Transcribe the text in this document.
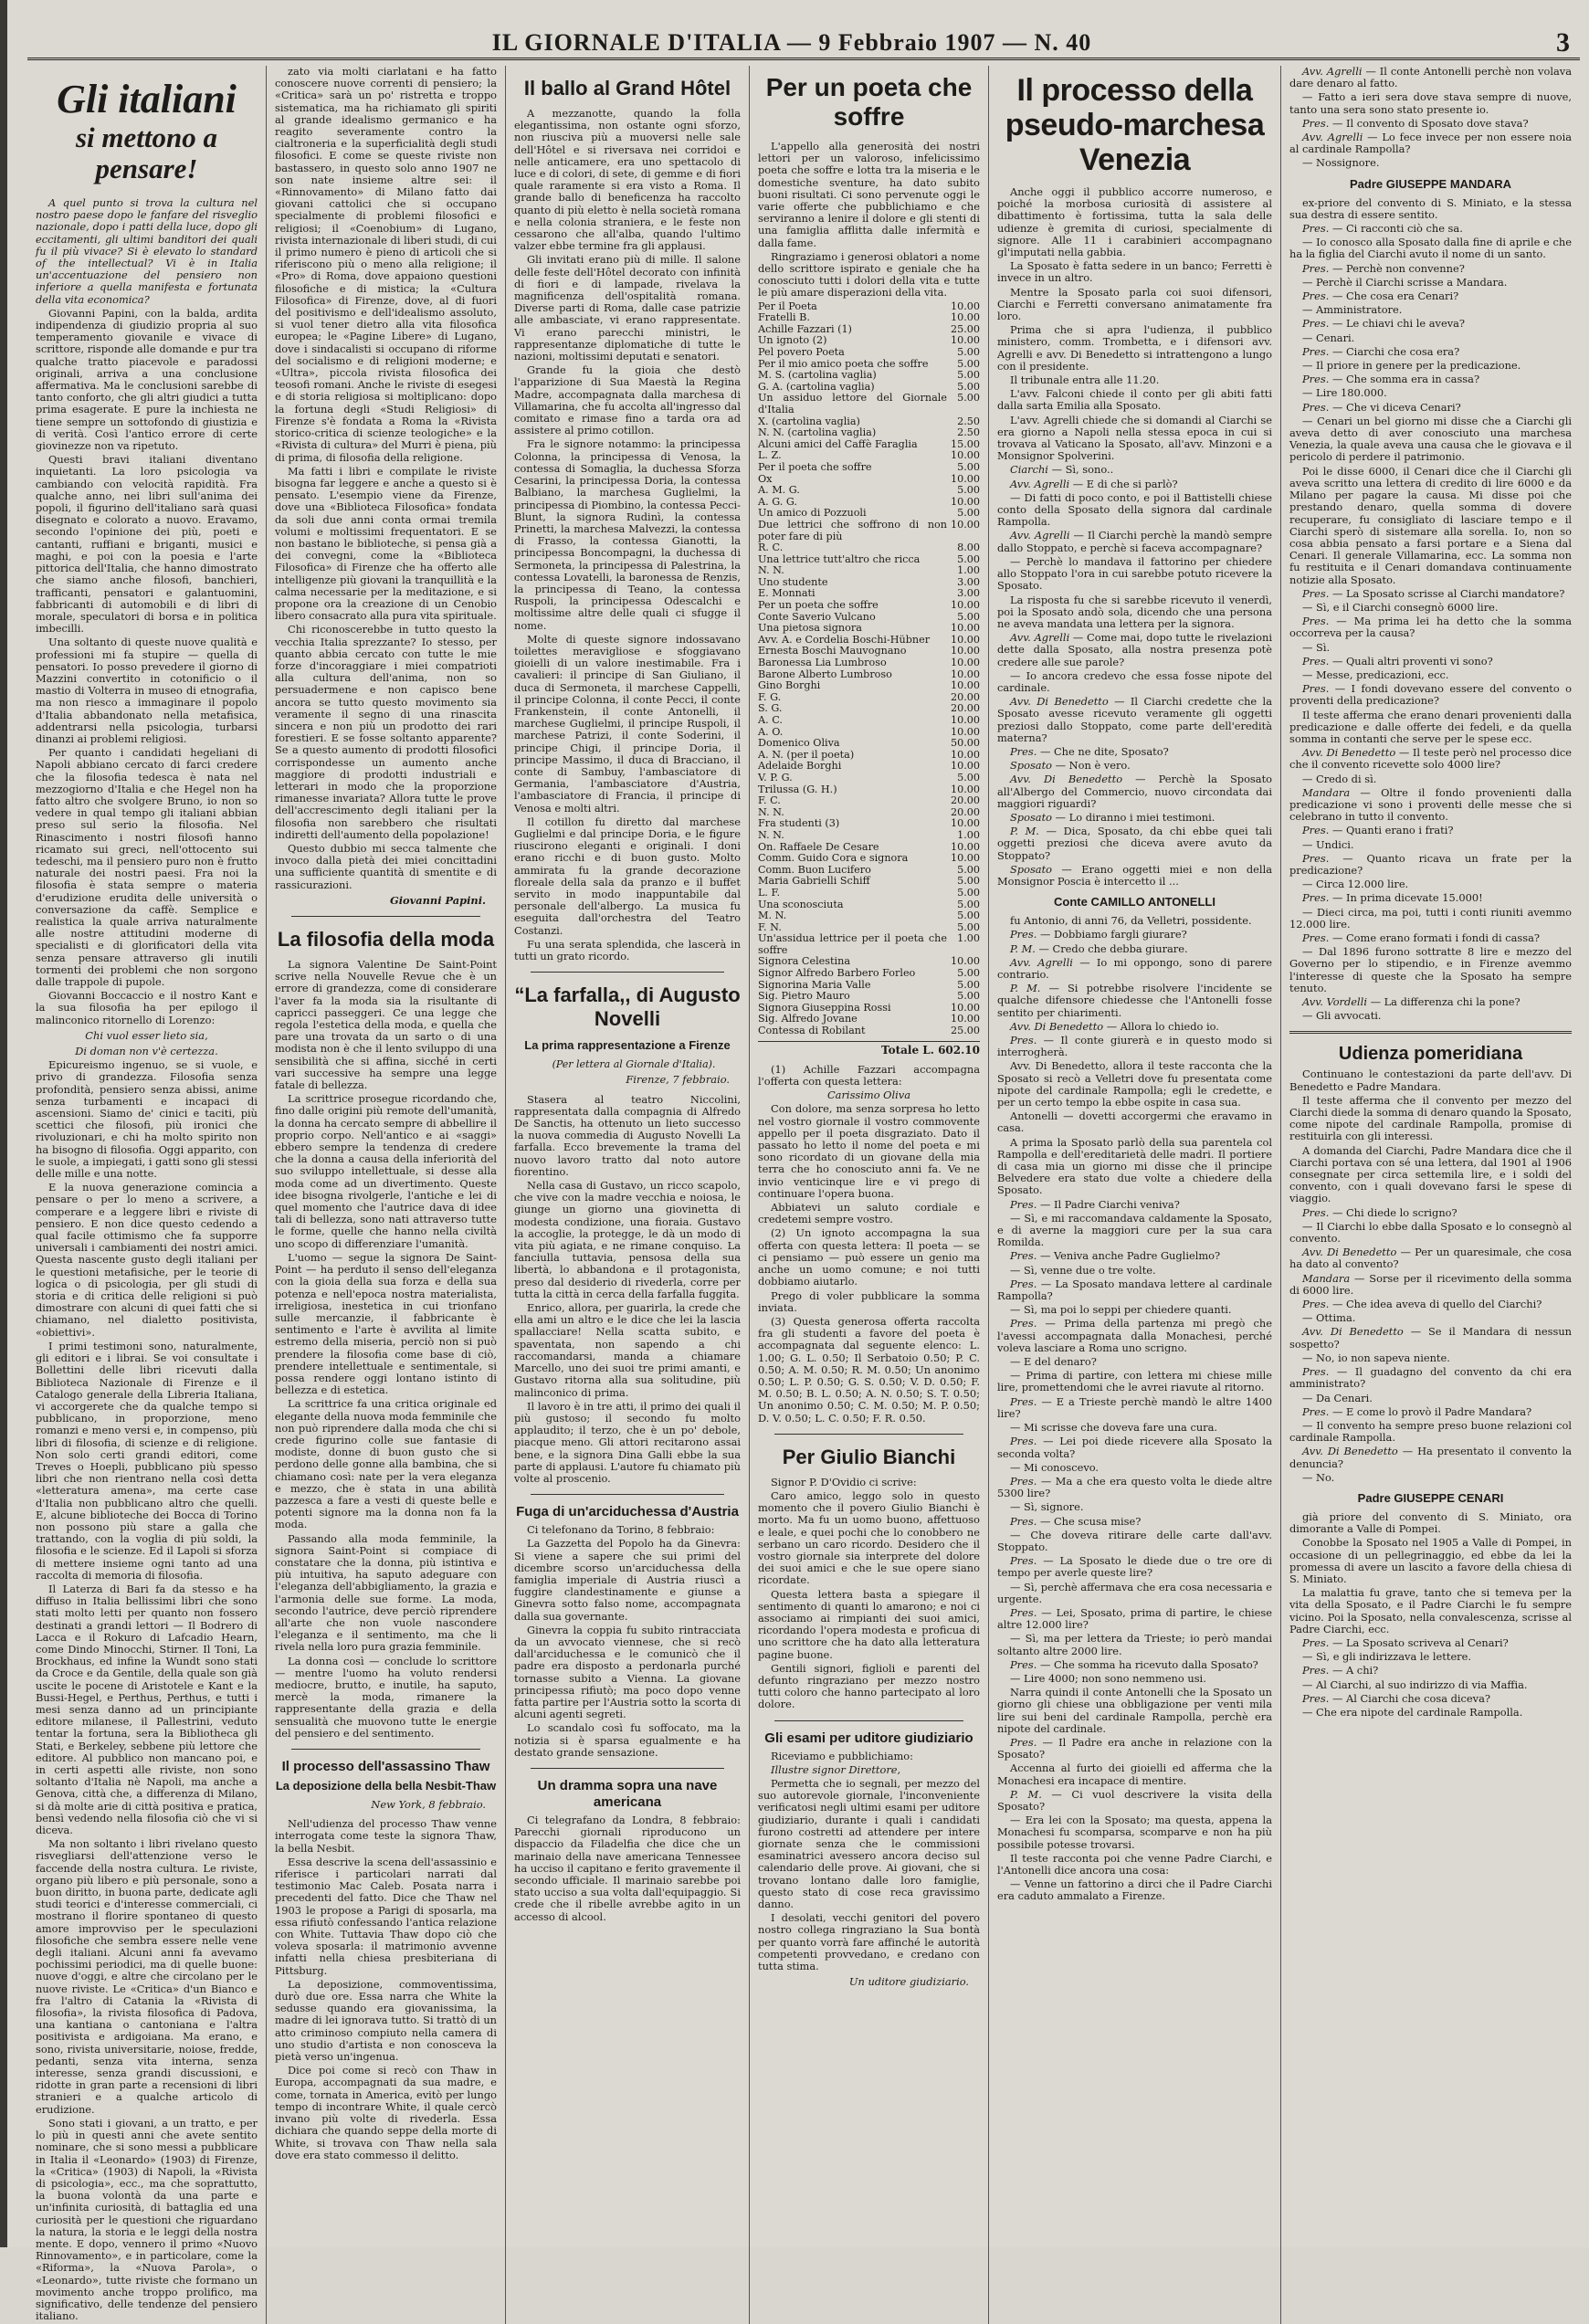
IL GIORNALE D'ITALIA — 9 Febbraio 1907 — N. 40	3
Gli italiani
si mettono a pensare!

A quel punto si trova la cultura nel nostro paese dopo le fanfare del risveglio nazionale, dopo i patti della luce, dopo gli eccitamenti, gli ultimi banditori dei quali fu il più vivace? Si è elevato lo standard of the intellectual? Vi è in Italia un'accentuazione del pensiero non inferiore a quella manifesta e fortunata della vita economica?

Giovanni Papini, con la balda, ardita indipendenza di giudizio propria al suo temperamento giovanile e vivace di scrittore, risponde alle domande e pur tra qualche tratto piacevole e paradossi originali, arriva a una conclusione affermativa. Ma le conclusioni sarebbe di tanto conforto, che gli altri giudici a tutta prima esagerate. E pure la inchiesta ne tiene sempre un sottofondo di giustizia e di verità. Così l'antico errore di certe giovinezze non va ripetuto.

Questi bravi italiani diventano inquietanti. La loro psicologia va cambiando con velocità rapidità. Fra qualche anno, nei libri sull'anima dei popoli, il figurino dell'italiano sarà quasi disegnato e colorato a nuovo. Eravamo, secondo l'opinione dei più, poeti e cantanti, ruffiani e briganti, musici e maghi, e poi con la poesia e l'arte pittorica dell'Italia, che hanno dimostrato che siamo anche filosofi, banchieri, trafficanti, pensatori e galantuomini, fabbricanti di automobili e di libri di morale, speculatori di borsa e in politica imbecilli.

Una soltanto di queste nuove qualità e professioni mi fa stupire — quella di pensatori. Io posso prevedere il giorno di Mazzini convertito in cotonificio o il mastio di Volterra in museo di etnografia, ma non riesco a immaginare il popolo d'Italia abbandonato nella metafisica, addentrarsi nella psicologia, turbarsi dinanzi ai problemi religiosi.

Per quanto i candidati hegeliani di Napoli abbiano cercato di farci credere che la filosofia tedesca è nata nel mezzogiorno d'Italia e che Hegel non ha fatto altro che svolgere Bruno, io non so vedere in qual tempo gli italiani abbian preso sul serio la filosofia. Nel Rinascimento i nostri filosofi hanno ricamato sui greci, nell'ottocento sui tedeschi, ma il pensiero puro non è frutto naturale dei nostri paesi. Fra noi la filosofia è stata sempre o materia d'erudizione erudita delle università o conversazione da caffè. Semplice e realistica la quale arriva naturalmente alle nostre attitudini moderne di specialisti e di glorificatori della vita senza pensare attraverso gli inutili tormenti dei problemi che non sorgono dalle trappole di pupole.

Giovanni Boccaccio e il nostro Kant e la sua filosofia ha per epilogo il malinconico ritornello di Lorenzo:

Chi vuol esser lieto sia,

Di doman non v'è certezza.

Epicureismo ingenuo, se si vuole, e privo di grandezza. Filosofia senza profondità, pensiero senza abissi, anime senza turbamenti e incapaci di ascensioni. Siamo de' cinici e taciti, più scettici che filosofi, più ironici che rivoluzionari, e chi ha molto spirito non ha bisogno di filosofia. Oggi apparito, con le suole, a impiegati, i gatti sono gli stessi delle mille e una notte.

E la nuova generazione comincia a pensare o per lo meno a scrivere, a comperare e a leggere libri e riviste di pensiero. E non dice questo cedendo a qual facile ottimismo che fa supporre universali i cambiamenti dei nostri amici. Questa nascente gusto degli italiani per le questioni metafisiche, per le teorie di logica o di psicologia, per gli studi di storia e di critica delle religioni si può dimostrare con alcuni di quei fatti che si chiamano, nel dialetto positivista, «obiettivi».

I primi testimoni sono, naturalmente, gli editori e i librai. Se voi consultate i Bollettini delle libri ricevuti dalla Biblioteca Nazionale di Firenze e il Catalogo generale della Libreria Italiana, vi accorgerete che da qualche tempo si pubblicano, in proporzione, meno romanzi e meno versi e, in compenso, più libri di filosofia, di scienze e di religione. Non solo certi grandi editori, come Treves o Hoepli, pubblicano più spesso libri che non rientrano nella così detta «letteratura amena», ma certe case d'Italia non pubblicano altro che quelli. E, alcune biblioteche dei Bocca di Torino non possono più stare a galla che trattando, con la voglia di più soldi, la filosofia e le scienze. Ed il Lapoli si sforza di mettere insieme ogni tanto ad una raccolta di memoria di filosofia.

Il Laterza di Bari fa da stesso e ha diffuso in Italia bellissimi libri che sono stati molto letti per quanto non fossero destinati a grandi lettori — Il Bodrero di Lacca e il Rokuro di Lafcadio Hearn, come Dindo Minocchi, Stirner. Il Toni, La Brockhaus, ed infine la Wundt sono stati da Croce e da Gentile, della quale son già uscite le pocene di Aristotele e Kant e la Bussi-Hegel, e Perthus, Perthus, e tutti i mesi senza danno ad un principiante editore milanese, il Pallestrini, veduto tentar la fortuna, sera la Bibliotheca gli Stati, e Berkeley, sebbene più lettore che editore. Al pubblico non mancano poi, e in certi aspetti alle riviste, non sono soltanto d'Italia nè Napoli, ma anche a Genova, città che, a differenza di Milano, si dà molte arie di città positiva e pratica, bensì vedendo nella filosofia ciò che vi si diceva.

Ma non soltanto i libri rivelano questo risvegliarsi dell'attenzione verso le faccende della nostra cultura. Le riviste, organo più libero e più personale, sono a buon diritto, in buona parte, dedicate agli studi teorici e d'interesse commerciali, ci mostrano il florire spontaneo di questo amore improvviso per le speculazioni filosofiche che sembra essere nelle vene degli italiani. Alcuni anni fa avevamo pochissimi periodici, ma di quelle buone: nuove d'oggi, e altre che circolano per le nuove riviste. Le «Critica» d'un Bianco e fra l'altro di Catania la «Rivista di filosofia», la rivista filosofica di Padova, una kantiana o cantoniana e l'altra positivista e ardigoiana. Ma erano, e sono, rivista universitarie, noiose, fredde, pedanti, senza vita interna, senza interesse, senza grandi discussioni, e ridotte in gran parte a recensioni di libri stranieri e a qualche articolo di erudizione.

Sono stati i giovani, a un tratto, e per lo più in questi anni che avete sentito nominare, che si sono messi a pubblicare in Italia il «Leonardo» (1903) di Firenze, la «Critica» (1903) di Napoli, la «Rivista di psicologia», ecc., ma che soprattutto, la buona volontà da una parte e un'infinita curiosità, di battaglia ed una curiosità per le questioni che riguardano la natura, la storia e le leggi della nostra mente. E dopo, vennero il primo «Nuovo Rinnovamento», e in particolare, come la «Riforma», la «Nuova Parola», o «Leonardo», tutte riviste che formano un movimento anche troppo prolifico, ma significativo, delle tendenze del pensiero italiano.

zato via molti ciarlatani e ha fatto conoscere nuove correnti di pensiero; la «Critica» sarà un po' ristretta e troppo sistematica, ma ha richiamato gli spiriti al grande idealismo germanico e ha reagito severamente contro la cialtroneria e la superficialità degli studi filosofici. E come se queste riviste non bastassero, in questo solo anno 1907 ne son nate insieme altre sei: il «Rinnovamento» di Milano fatto dai giovani cattolici che si occupano specialmente di problemi filosofici e religiosi; il «Coenobium» di Lugano, rivista internazionale di liberi studi, di cui il primo numero è pieno di articoli che si riferiscono più o meno alla religione; il «Pro» di Roma, dove appaiono questioni filosofiche e di mistica; la «Cultura Filosofica» di Firenze, dove, al di fuori del positivismo e dell'idealismo assoluto, si vuol tener dietro alla vita filosofica europea; le «Pagine Libere» di Lugano, dove i sindacalisti si occupano di riforme del socialismo e di religioni moderne; e «Ultra», piccola rivista filosofica dei teosofi romani. Anche le riviste di esegesi e di storia religiosa si moltiplicano: dopo la fortuna degli «Studi Religiosi» di Firenze s'è fondata a Roma la «Rivista storico-critica di scienze teologiche» e la «Rivista di cultura» del Murri è piena, più di prima, di filosofia della religione.

Ma fatti i libri e compilate le riviste bisogna far leggere e anche a questo si è pensato. L'esempio viene da Firenze, dove una «Biblioteca Filosofica» fondata da soli due anni conta ormai tremila volumi e moltissimi frequentatori. E se non bastano le biblioteche, si pensa già a dei convegni, come la «Biblioteca Filosofica» di Firenze che ha offerto alle intelligenze più giovani la tranquillità e la calma necessarie per la meditazione, e si propone ora la creazione di un Cenobio libero consacrato alla pura vita spirituale.

Chi riconoscerebbe in tutto questo la vecchia Italia sprezzante? Io stesso, per quanto abbia cercato con tutte le mie forze d'incoraggiare i miei compatrioti alla cultura dell'anima, non so persuadermene e non capisco bene ancora se tutto questo movimento sia veramente il segno di una rinascita sincera e non più un prodotto dei rari forestieri. E se fosse soltanto apparente? Se a questo aumento di prodotti filosofici corrispondesse un aumento anche maggiore di prodotti industriali e letterari in modo che la proporzione rimanesse invariata? Allora tutte le prove dell'accrescimento degli italiani per la filosofia non sarebbero che risultati indiretti dell'aumento della popolazione!

Questo dubbio mi secca talmente che invoco dalla pietà dei miei concittadini una sufficiente quantità di smentite e di rassicurazioni.

Giovanni Papini.

La filosofia della moda

La signora Valentine De Saint-Point scrive nella Nouvelle Revue che è un errore di grandezza, come di considerare l'aver fa la moda sia la risultante di capricci passeggeri. Ce una legge che regola l'estetica della moda, e quella che pare una trovata da un sarto o di una modista non è che il lento sviluppo di una sensibilità che si affina, sicché in certi vari successive ha sempre una legge fatale di bellezza.

La scrittrice prosegue ricordando che, fino dalle origini più remote dell'umanità, la donna ha cercato sempre di abbellire il proprio corpo. Nell'antico e ai «saggi» ebbero sempre la tendenza di credere che la donna a causa della inferiorità del suo sviluppo intellettuale, si desse alla moda come ad un divertimento. Queste idee bisogna rivolgerle, l'antiche e lei di quel momento che l'autrice dava di idee tali di bellezza, sono nati attraverso tutte le forme, quelle che hanno nella civiltà uno scopo di differenziare l'umanità.

L'uomo — segue la signora De Saint-Point — ha perduto il senso dell'eleganza con la gioia della sua forza e della sua potenza e nell'epoca nostra materialista, irreligiosa, inestetica in cui trionfano sulle mercanzie, il fabbricante è sentimento e l'arte è avvilita al limite estremo della miseria, perciò non si può prendere la filosofia come base di ciò, prendere intellettuale e sentimentale, si possa rendere oggi lontano istinto di bellezza e di estetica.

La scrittrice fa una critica originale ed elegante della nuova moda femminile che non può riprendere dalla moda che chi si crede figurino colle sue fantasie di modiste, donne di buon gusto che si perdono delle gonne alla bambina, che si chiamano così: nate per la vera eleganza e mezzo, che è stata in una abilità pazzesca a fare a vesti di queste belle e potenti signore ma la donna non fa la moda.

Passando alla moda femminile, la signora Saint-Point si compiace di constatare che la donna, più istintiva e più intuitiva, ha saputo adeguare con l'eleganza dell'abbigliamento, la grazia e l'armonia delle sue forme. La moda, secondo l'autrice, deve perciò riprendere all'arte che non vuole nascondere l'eleganza e il sentimento, ma che li rivela nella loro pura grazia femminile.

La donna così — conclude lo scrittore — mentre l'uomo ha voluto rendersi mediocre, brutto, e inutile, ha saputo, mercè la moda, rimanere la rappresentante della grazia e della sensualità che muovono tutte le energie del pensiero e del sentimento.

Il processo dell'assassino Thaw
La deposizione della bella Nesbit-Thaw

New York, 8 febbraio.

Nell'udienza del processo Thaw venne interrogata come teste la signora Thaw, la bella Nesbit.

Essa descrive la scena dell'assassinio e riferisce i particolari narrati dal testimonio Mac Caleb. Posata narra i precedenti del fatto. Dice che Thaw nel 1903 le propose a Parigi di sposarla, ma essa rifiutò confessando l'antica relazione con White. Tuttavia Thaw dopo ciò che voleva sposarla: il matrimonio avvenne infatti nella chiesa presbiteriana di Pittsburg.

La deposizione, commoventissima, durò due ore. Essa narra che White la sedusse quando era giovanissima, la madre di lei ignorava tutto. Si trattò di un atto criminoso compiuto nella camera di uno studio d'artista e non conosceva la pietà verso un'ingenua.

Dice poi come si recò con Thaw in Europa, accompagnati da sua madre, e come, tornata in America, evitò per lungo tempo di incontrare White, il quale cercò invano più volte di rivederla. Essa dichiara che quando seppe della morte di White, si trovava con Thaw nella sala dove era stato commesso il delitto.

Il ballo al Grand Hôtel

A mezzanotte, quando la folla elegantissima, non ostante ogni sforzo, non riusciva più a muoversi nelle sale dell'Hôtel e si riversava nei corridoi e nelle anticamere, era uno spettacolo di luce e di colori, di sete, di gemme e di fiori quale raramente si era visto a Roma. Il grande ballo di beneficenza ha raccolto quanto di più eletto è nella società romana e nella colonia straniera, e le feste non cessarono che all'alba, quando l'ultimo valzer ebbe termine fra gli applausi.

Gli invitati erano più di mille. Il salone delle feste dell'Hôtel decorato con infinità di fiori e di lampade, rivelava la magnificenza dell'ospitalità romana. Diverse parti di Roma, dalle case patrizie alle ambasciate, vi erano rappresentate. Vi erano parecchi ministri, le rappresentanze diplomatiche di tutte le nazioni, moltissimi deputati e senatori.

Grande fu la gioia che destò l'apparizione di Sua Maestà la Regina Madre, accompagnata dalla marchesa di Villamarina, che fu accolta all'ingresso dal comitato e rimase fino a tarda ora ad assistere al primo cotillon.

Fra le signore notammo: la principessa Colonna, la principessa di Venosa, la contessa di Somaglia, la duchessa Sforza Cesarini, la principessa Doria, la contessa Balbiano, la marchesa Guglielmi, la principessa di Piombino, la contessa Pecci-Blunt, la signora Rudinì, la contessa Prinetti, la marchesa Malvezzi, la contessa di Frasso, la contessa Gianotti, la principessa Boncompagni, la duchessa di Sermoneta, la principessa di Palestrina, la contessa Lovatelli, la baronessa de Renzis, la principessa di Teano, la contessa Ruspoli, la principessa Odescalchi e moltissime altre delle quali ci sfugge il nome.

Molte di queste signore indossavano toilettes meravigliose e sfoggiavano gioielli di un valore inestimabile. Fra i cavalieri: il principe di San Giuliano, il duca di Sermoneta, il marchese Cappelli, il principe Colonna, il conte Pecci, il conte Frankenstein, il conte Antonelli, il marchese Guglielmi, il principe Ruspoli, il marchese Patrizi, il conte Soderini, il principe Chigi, il principe Doria, il principe Massimo, il duca di Bracciano, il conte di Sambuy, l'ambasciatore di Germania, l'ambasciatore d'Austria, l'ambasciatore di Francia, il principe di Venosa e molti altri.

Il cotillon fu diretto dal marchese Guglielmi e dal principe Doria, e le figure riuscirono eleganti e originali. I doni erano ricchi e di buon gusto. Molto ammirata fu la grande decorazione floreale della sala da pranzo e il buffet servito in modo inappuntabile dal personale dell'albergo. La musica fu eseguita dall'orchestra del Teatro Costanzi.

Fu una serata splendida, che lascerà in tutti un grato ricordo.

“La farfalla,, di Augusto Novelli
La prima rappresentazione a Firenze

(Per lettera al Giornale d'Italia).

Firenze, 7 febbraio.

Stasera al teatro Niccolini, rappresentata dalla compagnia di Alfredo De Sanctis, ha ottenuto un lieto successo la nuova commedia di Augusto Novelli La farfalla. Ecco brevemente la trama del nuovo lavoro tratto dal noto autore fiorentino.

Nella casa di Gustavo, un ricco scapolo, che vive con la madre vecchia e noiosa, le giunge un giorno una giovinetta di modesta condizione, una fioraia. Gustavo la accoglie, la protegge, le dà un modo di vita più agiata, e ne rimane conquiso. La fanciulla tuttavia, pensosa della sua libertà, lo abbandona e il protagonista, preso dal desiderio di rivederla, corre per tutta la città in cerca della farfalla fuggita.

Enrico, allora, per guarirla, la crede che ella ami un altro e le dice che lei la lascia spallacciare! Nella scatta subito, e spaventata, non sapendo a chi raccomandarsi, manda a chiamare Marcello, uno dei suoi tre primi amanti, e Gustavo ritorna alla sua solitudine, più malinconico di prima.

Il lavoro è in tre atti, il primo dei quali il più gustoso; il secondo fu molto applaudito; il terzo, che è un po' debole, piacque meno. Gli attori recitarono assai bene, e la signora Dina Galli ebbe la sua parte di applausi. L'autore fu chiamato più volte al proscenio.

Fuga di un'arciduchessa d'Austria

Ci telefonano da Torino, 8 febbraio:

La Gazzetta del Popolo ha da Ginevra: Si viene a sapere che sui primi del dicembre scorso un'arciduchessa della famiglia imperiale di Austria riuscì a fuggire clandestinamente e giunse a Ginevra sotto falso nome, accompagnata dalla sua governante.

Ginevra la coppia fu subito rintracciata da un avvocato viennese, che si recò dall'arciduchessa e le comunicò che il padre era disposto a perdonarla purché tornasse subito a Vienna. La giovane principessa rifiutò; ma poco dopo venne fatta partire per l'Austria sotto la scorta di alcuni agenti segreti.

Lo scandalo così fu soffocato, ma la notizia si è sparsa egualmente e ha destato grande sensazione.

Un dramma sopra una nave americana

Ci telegrafano da Londra, 8 febbraio: Parecchi giornali riproducono un dispaccio da Filadelfia che dice che un marinaio della nave americana Tennessee ha ucciso il capitano e ferito gravemente il secondo ufficiale. Il marinaio sarebbe poi stato ucciso a sua volta dall'equipaggio. Si crede che il ribelle avrebbe agito in un accesso di alcool.

Per un poeta che soffre

L'appello alla generosità dei nostri lettori per un valoroso, infelicissimo poeta che soffre e lotta tra la miseria e le domestiche sventure, ha dato subito buoni risultati. Ci sono pervenute oggi le varie offerte che pubblichiamo e che serviranno a lenire il dolore e gli stenti di una famiglia afflitta dalle infermità e dalla fame.

Ringraziamo i generosi oblatori a nome dello scrittore ispirato e geniale che ha conosciuto tutti i dolori della vita e tutte le più amare disperazioni della vita.

Per il Poeta	10.00
Fratelli B.	10.00
Achille Fazzari (1)	25.00
Un ignoto (2)	10.00
Pel povero Poeta	5.00
Per il mio amico poeta che soffre	5.00
M. S. (cartolina vaglia)	5.00
G. A. (cartolina vaglia)	5.00
Un assiduo lettore del Giornale d'Italia	5.00
X. (cartolina vaglia)	2.50
N. N. (cartolina vaglia)	2.50
Alcuni amici del Caffè Faraglia	15.00
L. Z.	10.00
Per il poeta che soffre	5.00
Ox	10.00
A. M. G.	5.00
A. G. G.	10.00
Un amico di Pozzuoli	5.00
Due lettrici che soffrono di non poter fare di più	10.00
R. C.	8.00
Una lettrice tutt'altro che ricca	5.00
N. N.	1.00
Uno studente	3.00
E. Monnati	3.00
Per un poeta che soffre	10.00
Conte Saverio Vulcano	5.00
Una pietosa signora	10.00
Avv. A. e Cordelia Boschi-Hübner	10.00
Ernesta Boschi Mauvognano	10.00
Baronessa Lia Lumbroso	10.00
Barone Alberto Lumbroso	10.00
Gino Borghi	10.00
F. G.	20.00
S. G.	20.00
A. C.	10.00
A. O.	10.00
Domenico Oliva	50.00
A. N. (per il poeta)	10.00
Adelaide Borghi	10.00
V. P. G.	5.00
Trilussa (G. H.)	10.00
F. C.	20.00
N. N.	20.00
Fra studenti (3)	10.00
N. N.	1.00
On. Raffaele De Cesare	10.00
Comm. Guido Cora e signora	10.00
Comm. Buon Lucifero	5.00
Maria Gabrielli Schiff	5.00
L. F.	5.00
Una sconosciuta	5.00
M. N.	5.00
F. N.	5.00
Un'assidua lettrice per il poeta che soffre	1.00
Signora Celestina	10.00
Signor Alfredo Barbero Forleo	5.00
Signorina Maria Valle	5.00
Sig. Pietro Mauro	5.00
Signora Giuseppina Rossi	10.00
Sig. Alfredo Jovane	10.00
Contessa di Robilant	25.00
Totale L. 602.10

(1) Achille Fazzari accompagna l'offerta con questa lettera:

Carissimo Oliva

Con dolore, ma senza sorpresa ho letto nel vostro giornale il vostro commovente appello per il poeta disgraziato. Dato il passato ho letto il nome del poeta e mi sono ricordato di un giovane della mia terra che ho conosciuto anni fa. Ve ne invio venticinque lire e vi prego di continuare l'opera buona.

Abbiatevi un saluto cordiale e credetemi sempre vostro.

(2) Un ignoto accompagna la sua offerta con questa lettera: Il poeta — se ci pensiamo — può essere un genio ma anche un uomo comune; e noi tutti dobbiamo aiutarlo.

Prego di voler pubblicare la somma inviata.

(3) Questa generosa offerta raccolta fra gli studenti a favore del poeta è accompagnata dal seguente elenco: L. 1.00; G. L. 0.50; Il Serbatoio 0.50; P. C. 0.50; A. M. 0.50; R. M. 0.50; Un anonimo 0.50; L. P. 0.50; G. S. 0.50; V. D. 0.50; F. M. 0.50; B. L. 0.50; A. N. 0.50; S. T. 0.50; Un anonimo 0.50; C. M. 0.50; M. P. 0.50; D. V. 0.50; L. C. 0.50; F. R. 0.50.

Per Giulio Bianchi

Signor P. D'Ovidio ci scrive:

Caro amico, leggo solo in questo momento che il povero Giulio Bianchi è morto. Ma fu un uomo buono, affettuoso e leale, e quei pochi che lo conobbero ne serbano un caro ricordo. Desidero che il vostro giornale sia interprete del dolore dei suoi amici e che le sue opere siano ricordate.

Questa lettera basta a spiegare il sentimento di quanti lo amarono; e noi ci associamo ai rimpianti dei suoi amici, ricordando l'opera modesta e proficua di uno scrittore che ha dato alla letteratura pagine buone.

Gentili signori, figlioli e parenti del defunto ringraziano per mezzo nostro tutti coloro che hanno partecipato al loro dolore.

Gli esami per uditore giudiziario

Riceviamo e pubblichiamo:

Illustre signor Direttore,

Permetta che io segnali, per mezzo del suo autorevole giornale, l'inconveniente verificatosi negli ultimi esami per uditore giudiziario, durante i quali i candidati furono costretti ad attendere per intere giornate senza che le commissioni esaminatrici avessero ancora deciso sul calendario delle prove. Ai giovani, che si trovano lontano dalle loro famiglie, questo stato di cose reca gravissimo danno.

I desolati, vecchi genitori del povero nostro collega ringraziano la Sua bontà per quanto vorrà fare affinché le autorità competenti provvedano, e credano con tutta stima.

Un uditore giudiziario.

Il processo della pseudo-marchesa Venezia

Anche oggi il pubblico accorre numeroso, e poiché la morbosa curiosità di assistere al dibattimento è fortissima, tutta la sala delle udienze è gremita di curiosi, specialmente di signore. Alle 11 i carabinieri accompagnano gl'imputati nella gabbia.

La Sposato è fatta sedere in un banco; Ferretti è invece in un altro.

Mentre la Sposato parla coi suoi difensori, Ciarchi e Ferretti conversano animatamente fra loro.

Prima che si apra l'udienza, il pubblico ministero, comm. Trombetta, e i difensori avv. Agrelli e avv. Di Benedetto si intrattengono a lungo con il presidente.

Il tribunale entra alle 11.20.

L'avv. Falconi chiede il conto per gli abiti fatti dalla sarta Emilia alla Sposato.

L'avv. Agrelli chiede che si domandi al Ciarchi se era giorno a Napoli nella stessa epoca in cui si trovava al Vaticano la Sposato, all'avv. Minzoni e a Monsignor Spolverini.

Ciarchi — Sì, sono..

Avv. Agrelli — E di che si parlò?

— Di fatti di poco conto, e poi il Battistelli chiese conto della Sposato della signora dal cardinale Rampolla.

Avv. Agrelli — Il Ciarchi perchè la mandò sempre dallo Stoppato, e perchè si faceva accompagnare?

— Perchè lo mandava il fattorino per chiedere allo Stoppato l'ora in cui sarebbe potuto ricevere la Sposato.

La risposta fu che si sarebbe ricevuto il venerdì, poi la Sposato andò sola, dicendo che una persona ne aveva mandata una lettera per la signora.

Avv. Agrelli — Come mai, dopo tutte le rivelazioni dette dalla Sposato, alla nostra presenza potè credere alle sue parole?

— Io ancora credevo che essa fosse nipote del cardinale.

Avv. Di Benedetto — Il Ciarchi credette che la Sposato avesse ricevuto veramente gli oggetti preziosi dallo Stoppato, come parte dell'eredità materna?

Pres. — Che ne dite, Sposato?

Sposato — Non è vero.

Avv. Di Benedetto — Perchè la Sposato all'Albergo del Commercio, nuovo circondata dai maggiori riguardi?

Sposato — Lo diranno i miei testimoni.

P. M. — Dica, Sposato, da chi ebbe quei tali oggetti preziosi che diceva avere avuto da Stoppato?

Sposato — Erano oggetti miei e non della Monsignor Poscia è intercetto il ...

Conte CAMILLO ANTONELLI

fu Antonio, di anni 76, da Velletri, possidente.

Pres. — Dobbiamo fargli giurare?

P. M. — Credo che debba giurare.

Avv. Agrelli — Io mi oppongo, sono di parere contrario.

P. M. — Si potrebbe risolvere l'incidente se qualche difensore chiedesse che l'Antonelli fosse sentito per chiarimenti.

Avv. Di Benedetto — Allora lo chiedo io.

Pres. — Il conte giurerà e in questo modo si interrogherà.

Avv. Di Benedetto, allora il teste racconta che la Sposato si recò a Velletri dove fu presentata come nipote del cardinale Rampolla; egli le credette, e per un certo tempo la ebbe ospite in casa sua.

Antonelli — dovetti accorgermi che eravamo in casa.

A prima la Sposato parlò della sua parentela col Rampolla e dell'ereditarietà delle madri. Il portiere di casa mia un giorno mi disse che il principe Belvedere era stato due volte a chiedere della Sposato.

Pres. — Il Padre Ciarchi veniva?

— Sì, e mi raccomandava caldamente la Sposato, e di averne la maggiori cure per la sua cara Romilda.

Pres. — Veniva anche Padre Guglielmo?

— Sì, venne due o tre volte.

Pres. — La Sposato mandava lettere al cardinale Rampolla?

— Sì, ma poi lo seppi per chiedere quanti.

Pres. — Prima della partenza mi pregò che l'avessi accompagnata dalla Monachesi, perché voleva lasciare a Roma uno scrigno.

— E del denaro?

— Prima di partire, con lettera mi chiese mille lire, promettendomi che le avrei riavute al ritorno.

Pres. — E a Trieste perchè mandò le altre 1400 lire?

— Mi scrisse che doveva fare una cura.

Pres. — Lei poi diede ricevere alla Sposato la seconda volta?

— Mi conoscevo.

Pres. — Ma a che era questo volta le diede altre 5300 lire?

— Sì, signore.

Pres. — Che scusa mise?

— Che doveva ritirare delle carte dall'avv. Stoppato.

Pres. — La Sposato le diede due o tre ore di tempo per averle queste lire?

— Sì, perchè affermava che era cosa necessaria e urgente.

Pres. — Lei, Sposato, prima di partire, le chiese altre 12.000 lire?

— Sì, ma per lettera da Trieste; io però mandai soltanto altre 2000 lire.

Pres. — Che somma ha ricevuto dalla Sposato?

— Lire 4000; non sono nemmeno usi.

Narra quindi il conte Antonelli che la Sposato un giorno gli chiese una obbligazione per venti mila lire sui beni del cardinale Rampolla, perchè era nipote del cardinale.

Pres. — Il Padre era anche in relazione con la Sposato?

Accenna al furto dei gioielli ed afferma che la Monachesi era incapace di mentire.

P. M. — Ci vuol descrivere la visita della Sposato?

— Era lei con la Sposato; ma questa, appena la Monachesi fu scomparsa, scomparve e non ha più possibile potesse trovarsi.

Il teste racconta poi che venne Padre Ciarchi, e l'Antonelli dice ancora una cosa:

— Venne un fattorino a dirci che il Padre Ciarchi era caduto ammalato a Firenze.

Avv. Agrelli — Il conte Antonelli perchè non volava dare denaro al fatto.

— Fatto a ieri sera dove stava sempre di nuove, tanto una sera sono stato presente io.

Pres. — Il convento di Sposato dove stava?

Avv. Agrelli — Lo fece invece per non essere noia al cardinale Rampolla?

— Nossignore.

Padre GIUSEPPE MANDARA

ex-priore del convento di S. Miniato, e la stessa sua destra di essere sentito.

Pres. — Ci racconti ciò che sa.

— Io conosco alla Sposato dalla fine di aprile e che ha la figlia del Ciarchi avuto il nome di un santo.

Pres. — Perchè non convenne?

— Perchè il Ciarchi scrisse a Mandara.

Pres. — Che cosa era Cenari?

— Amministratore.

Pres. — Le chiavi chi le aveva?

— Cenari.

Pres. — Ciarchi che cosa era?

— Il priore in genere per la predicazione.

Pres. — Che somma era in cassa?

— Lire 180.000.

Pres. — Che vi diceva Cenari?

— Cenari un bel giorno mi disse che a Ciarchi gli aveva detto di aver conosciuto una marchesa Venezia, la quale aveva una causa che le giovava e il pericolo di perdere il patrimonio.

Poi le disse 6000, il Cenari dice che il Ciarchi gli aveva scritto una lettera di credito di lire 6000 e da Milano per pagare la causa. Mi disse poi che prestando denaro, quella somma di dovere recuperare, fu consigliato di lasciare tempo e il Ciarchi sperò di sistemare alla sorella. Io, non so cosa abbia pensato a farsi portare e a Siena dal Cenari. Il generale Villamarina, ecc. La somma non fu restituita e il Cenari domandava continuamente notizie alla Sposato.

Pres. — La Sposato scrisse al Ciarchi mandatore?

— Sì, e il Ciarchi consegnò 6000 lire.

Pres. — Ma prima lei ha detto che la somma occorreva per la causa?

— Sì.

Pres. — Quali altri proventi vi sono?

— Messe, predicazioni, ecc.

Pres. — I fondi dovevano essere del convento o proventi della predicazione?

Il teste afferma che erano denari provenienti dalla predicazione e dalle offerte dei fedeli, e da quella somma in contanti che serve per le spese ecc.

Avv. Di Benedetto — Il teste però nel processo dice che il convento ricevette solo 4000 lire?

— Credo di sì.

Mandara — Oltre il fondo provenienti dalla predicazione vi sono i proventi delle messe che si celebrano in tutto il convento.

Pres. — Quanti erano i frati?

— Undici.

Pres. — Quanto ricava un frate per la predicazione?

— Circa 12.000 lire.

Pres. — In prima dicevate 15.000!

— Dieci circa, ma poi, tutti i conti riuniti avemmo 12.000 lire.

Pres. — Come erano formati i fondi di cassa?

— Dal 1896 furono sottratte 8 lire e mezzo del Governo per lo stipendio, e in Firenze avemmo l'interesse di queste che la Sposato ha sempre tenuto.

Avv. Vordelli — La differenza chi la pone?

— Gli avvocati.

Udienza pomeridiana

Continuano le contestazioni da parte dell'avv. Di Benedetto e Padre Mandara.

Il teste afferma che il convento per mezzo del Ciarchi diede la somma di denaro quando la Sposato, come nipote del cardinale Rampolla, promise di restituirla con gli interessi.

A domanda del Ciarchi, Padre Mandara dice che il Ciarchi portava con sé una lettera, dal 1901 al 1906 consegnate per circa settemila lire, e i soldi del convento, con i quali dovevano farsi le spese di viaggio.

Pres. — Chi diede lo scrigno?

— Il Ciarchi lo ebbe dalla Sposato e lo consegnò al convento.

Avv. Di Benedetto — Per un quaresimale, che cosa ha dato al convento?

Mandara — Sorse per il ricevimento della somma di 6000 lire.

Pres. — Che idea aveva di quello del Ciarchi?

— Ottima.

Avv. Di Benedetto — Se il Mandara di nessun sospetto?

— No, io non sapeva niente.

Pres. — Il guadagno del convento da chi era amministrato?

— Da Cenari.

Pres. — E come lo provò il Padre Mandara?

— Il convento ha sempre preso buone relazioni col cardinale Rampolla.

Avv. Di Benedetto — Ha presentato il convento la denuncia?

— No.

Padre GIUSEPPE CENARI

già priore del convento di S. Miniato, ora dimorante a Valle di Pompei.

Conobbe la Sposato nel 1905 a Valle di Pompei, in occasione di un pellegrinaggio, ed ebbe da lei la promessa di avere un lascito a favore della chiesa di S. Miniato.

La malattia fu grave, tanto che si temeva per la vita della Sposato, e il Padre Ciarchi le fu sempre vicino. Poi la Sposato, nella convalescenza, scrisse al Padre Ciarchi, ecc.

Pres. — La Sposato scriveva al Cenari?

— Sì, e gli indirizzava le lettere.

Pres. — A chi?

— Al Ciarchi, al suo indirizzo di via Maffia.

Pres. — Al Ciarchi che cosa diceva?

— Che era nipote del cardinale Rampolla.
